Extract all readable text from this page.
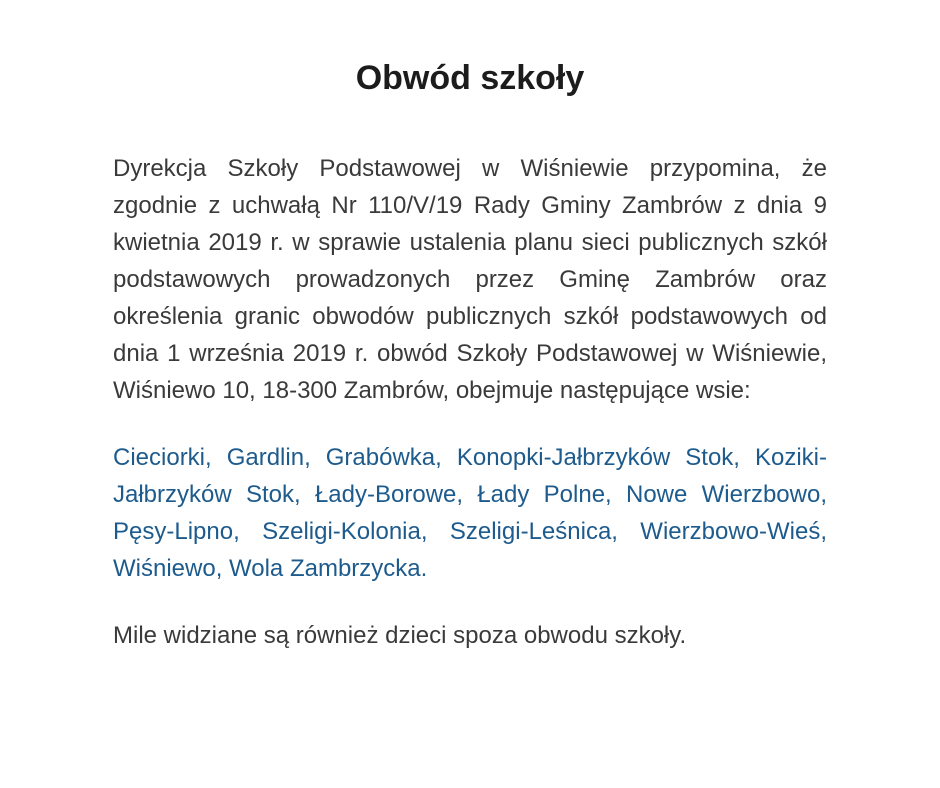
Obwód szkoły

Dyrekcja Szkoły Podstawowej w Wiśniewie przypomina, że zgodnie z uchwałą Nr 110/V/19 Rady Gminy Zambrów z dnia 9 kwietnia 2019 r. w sprawie ustalenia planu sieci publicznych szkół podstawowych prowadzonych przez Gminę Zambrów oraz określenia granic obwodów publicznych szkół podstawowych od dnia 1 września 2019 r. obwód Szkoły Podstawowej w Wiśniewie, Wiśniewo 10, 18-300 Zambrów, obejmuje następujące wsie:

Cieciorki, Gardlin, Grabówka, Konopki-Jałbrzyków Stok, Koziki-Jałbrzyków Stok, Łady-Borowe, Łady Polne, Nowe Wierzbowo, Pęsy-Lipno, Szeligi-Kolonia, Szeligi-Leśnica, Wierzbowo-Wieś, Wiśniewo, Wola Zambrzycka.

Mile widziane są również dzieci spoza obwodu szkoły.
